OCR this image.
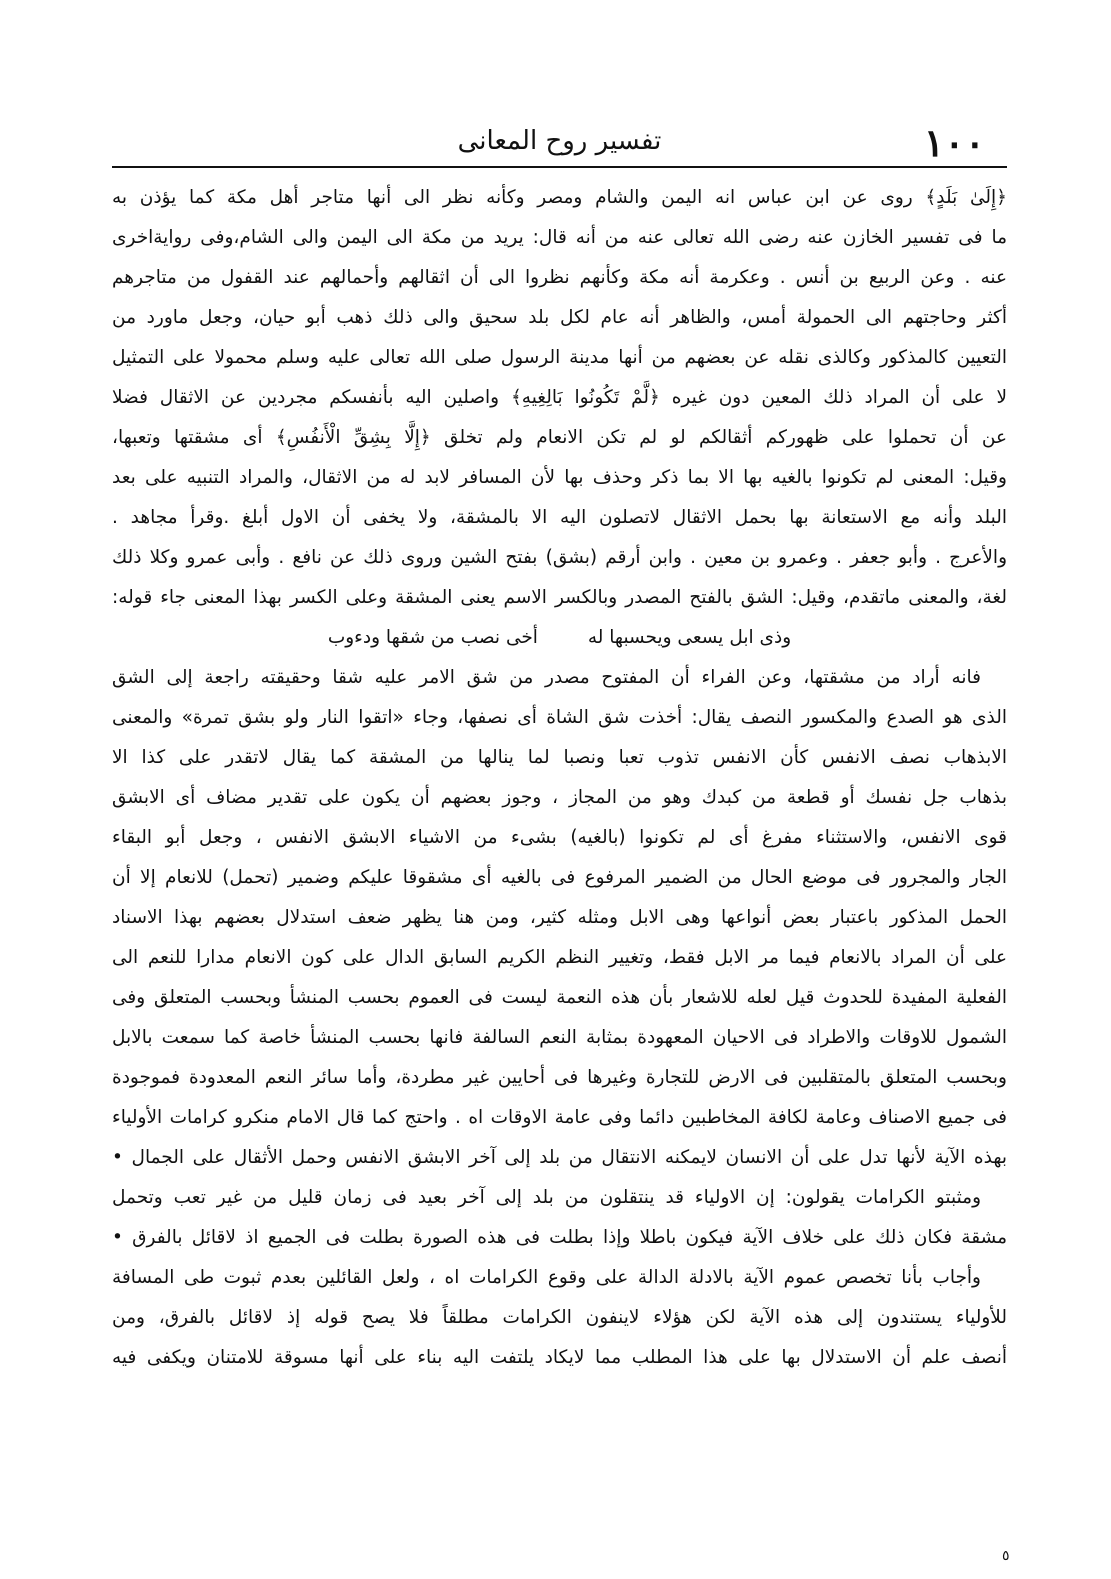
١٠٠
تفسير روح المعانى
﴿إِلَىٰ بَلَدٍ﴾ روى عن ابن عباس انه اليمن والشام ومصر وكأنه نظر الى أنها متاجر أهل مكة كما يؤذن به
ما فى تفسير الخازن عنه رضى الله تعالى عنه من أنه قال: يريد من مكة الى اليمن والى الشام،وفى روايةاخرى
عنه . وعن الربيع بن أنس . وعكرمة أنه مكة وكأنهم نظروا الى أن اثقالهم وأحمالهم عند القفول من متاجرهم
أكثر وحاجتهم الى الحمولة أمس، والظاهر أنه عام لكل بلد سحيق والى ذلك ذهب أبو حيان، وجعل ماورد من
التعيين كالمذكور وكالذى نقله عن بعضهم من أنها مدينة الرسول صلى الله تعالى عليه وسلم محمولا على التمثيل
لا على أن المراد ذلك المعين دون غيره ﴿لَّمْ تَكُونُوا بَالِغِيهِ﴾ واصلين اليه بأنفسكم مجردين عن الاثقال فضلا
عن أن تحملوا على ظهوركم أثقالكم لو لم تكن الانعام ولم تخلق ﴿إِلَّا بِشِقِّ الْأَنفُسِ﴾ أى مشقتها وتعبها،
وقيل: المعنى لم تكونوا بالغيه بها الا بما ذكر وحذف بها لأن المسافر لابد له من الاثقال، والمراد التنبيه على بعد
البلد وأنه مع الاستعانة بها بحمل الاثقال لاتصلون اليه الا بالمشقة، ولا يخفى أن الاول أبلغ .وقرأ مجاهد .
والأعرج . وأبو جعفر . وعمرو بن معين . وابن أرقم (بشق) بفتح الشين وروى ذلك عن نافع . وأبى عمرو وكلا ذلك
لغة، والمعنى ماتقدم، وقيل: الشق بالفتح المصدر وبالكسر الاسم يعنى المشقة وعلى الكسر بهذا المعنى جاء قوله:
وذى ابل يسعى ويحسبها له أخى نصب من شقها ودءوب
فانه أراد من مشقتها، وعن الفراء أن المفتوح مصدر من شق الامر عليه شقا وحقيقته راجعة إلى الشق
الذى هو الصدع والمكسور النصف يقال: أخذت شق الشاة أى نصفها، وجاء «اتقوا النار ولو بشق تمرة» والمعنى
الابذهاب نصف الانفس كأن الانفس تذوب تعبا ونصبا لما ينالها من المشقة كما يقال لاتقدر على كذا الا
بذهاب جل نفسك أو قطعة من كبدك وهو من المجاز ، وجوز بعضهم أن يكون على تقدير مضاف أى الابشق
قوى الانفس، والاستثناء مفرغ أى لم تكونوا (بالغيه) بشىء من الاشياء الابشق الانفس ، وجعل أبو البقاء
الجار والمجرور فى موضع الحال من الضمير المرفوع فى بالغيه أى مشقوقا عليكم وضمير (تحمل) للانعام إلا أن
الحمل المذكور باعتبار بعض أنواعها وهى الابل ومثله كثير، ومن هنا يظهر ضعف استدلال بعضهم بهذا الاسناد
على أن المراد بالانعام فيما مر الابل فقط، وتغيير النظم الكريم السابق الدال على كون الانعام مدارا للنعم الى
الفعلية المفيدة للحدوث قيل لعله للاشعار بأن هذه النعمة ليست فى العموم بحسب المنشأ وبحسب المتعلق وفى
الشمول للاوقات والاطراد فى الاحيان المعهودة بمثابة النعم السالفة فانها بحسب المنشأ خاصة كما سمعت بالابل
وبحسب المتعلق بالمتقلبين فى الارض للتجارة وغيرها فى أحايين غير مطردة، وأما سائر النعم المعدودة فموجودة
فى جميع الاصناف وعامة لكافة المخاطبين دائما وفى عامة الاوقات اه . واحتج كما قال الامام منكرو كرامات الأولياء
بهذه الآية لأنها تدل على أن الانسان لايمكنه الانتقال من بلد إلى آخر الابشق الانفس وحمل الأثقال على الجمال •
ومثبتو الكرامات يقولون: إن الاولياء قد ينتقلون من بلد إلى آخر بعيد فى زمان قليل من غير تعب وتحمل
مشقة فكان ذلك على خلاف الآية فيكون باطلا وإذا بطلت فى هذه الصورة بطلت فى الجميع اذ لاقائل بالفرق •
وأجاب بأنا تخصص عموم الآية بالادلة الدالة على وقوع الكرامات اه ، ولعل القائلين بعدم ثبوت طى المسافة
للأولياء يستندون إلى هذه الآية لكن هؤلاء لاينفون الكرامات مطلقاً فلا يصح قوله إذ لاقائل بالفرق، ومن
أنصف علم أن الاستدلال بها على هذا المطلب مما لايكاد يلتفت اليه بناء على أنها مسوقة للامتنان ويكفى فيه
٥
